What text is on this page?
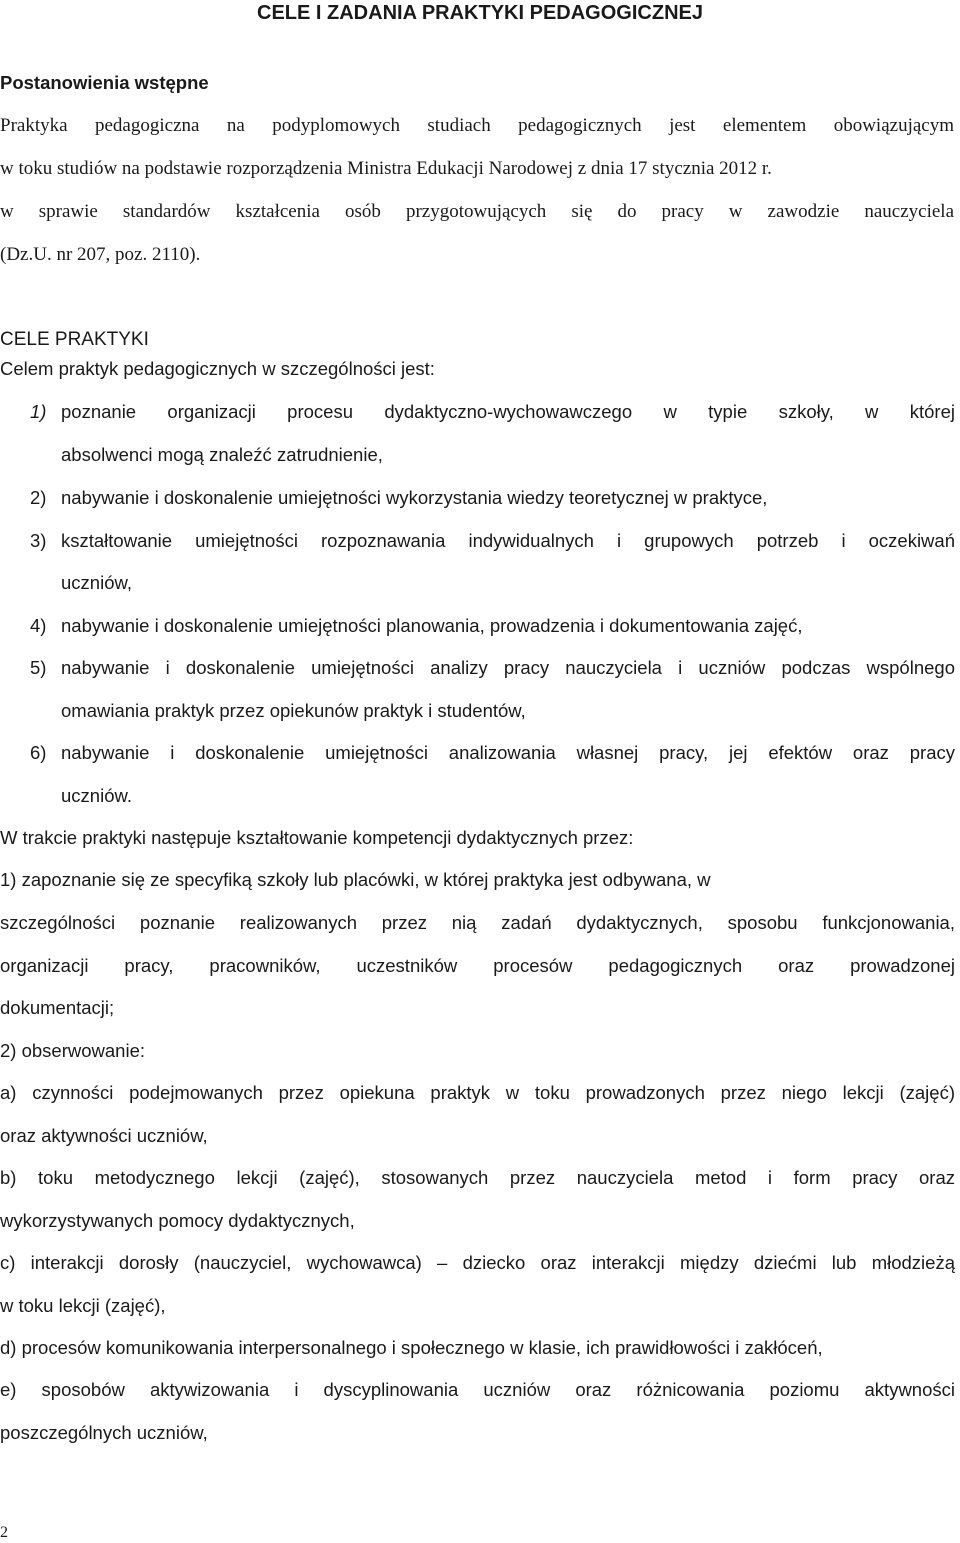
CELE I ZADANIA PRAKTYKI PEDAGOGICZNEJ
Postanowienia wstępne
Praktyka pedagogiczna na podyplomowych studiach pedagogicznych jest elementem obowiązującym
w toku studiów na podstawie rozporządzenia Ministra Edukacji Narodowej z dnia 17 stycznia 2012 r.
w sprawie standardów kształcenia osób przygotowujących się do pracy w zawodzie nauczyciela
(Dz.U. nr 207, poz. 2110).
CELE PRAKTYKI
Celem praktyk pedagogicznych w szczególności jest:
1) poznanie organizacji procesu dydaktyczno-wychowawczego w typie szkoły, w której
absolwenci mogą znaleźć zatrudnienie,
2) nabywanie i doskonalenie umiejętności wykorzystania wiedzy teoretycznej w praktyce,
3) kształtowanie umiejętności rozpoznawania indywidualnych i grupowych potrzeb i oczekiwań
uczniów,
4) nabywanie i doskonalenie umiejętności planowania, prowadzenia i dokumentowania zajęć,
5) nabywanie i doskonalenie umiejętności analizy pracy nauczyciela i uczniów podczas wspólnego
omawiania praktyk przez opiekunów praktyk i studentów,
6) nabywanie i doskonalenie umiejętności analizowania własnej pracy, jej efektów oraz pracy
uczniów.
W trakcie praktyki następuje kształtowanie kompetencji dydaktycznych przez:
1) zapoznanie się ze specyfiką szkoły lub placówki, w której praktyka jest odbywana, w
szczególności poznanie realizowanych przez nią zadań dydaktycznych, sposobu funkcjonowania,
organizacji pracy, pracowników, uczestników procesów pedagogicznych oraz prowadzonej
dokumentacji;
2) obserwowanie:
a) czynności podejmowanych przez opiekuna praktyk w toku prowadzonych przez niego lekcji (zajęć)
oraz aktywności uczniów,
b) toku metodycznego lekcji (zajęć), stosowanych przez nauczyciela metod i form pracy oraz
wykorzystywanych pomocy dydaktycznych,
c) interakcji dorosły (nauczyciel, wychowawca) – dziecko oraz interakcji między dziećmi lub młodzieżą
w toku lekcji (zajęć),
d) procesów komunikowania interpersonalnego i społecznego w klasie, ich prawidłowości i zakłóceń,
e) sposobów aktywizowania i dyscyplinowania uczniów oraz różnicowania poziomu aktywności
poszczególnych uczniów,
2
